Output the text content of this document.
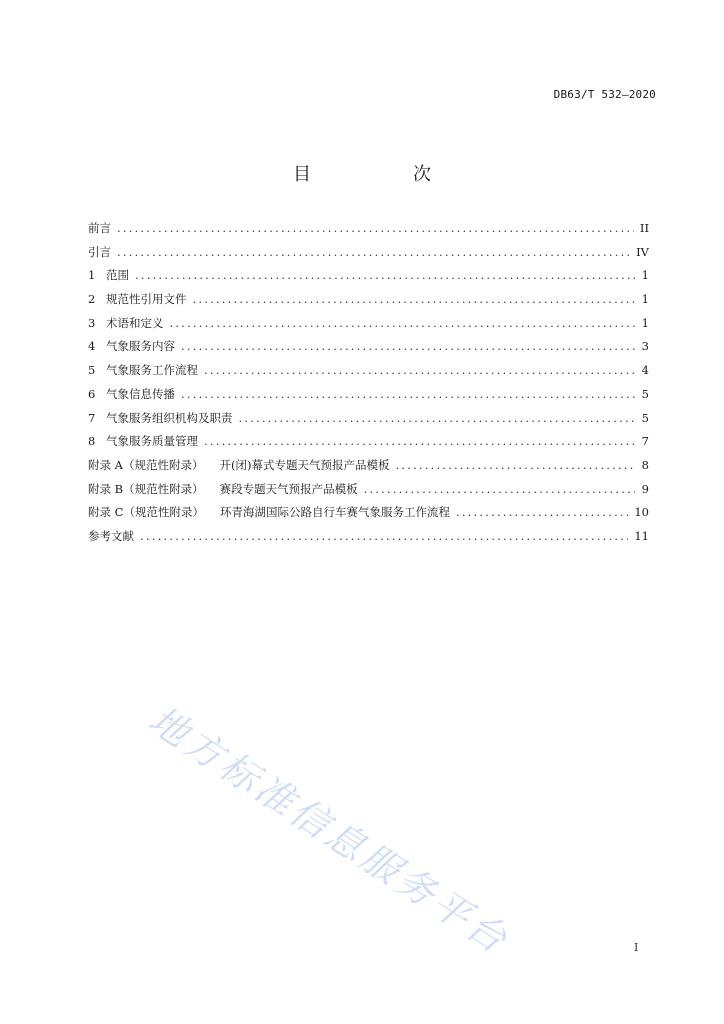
DB63/T 532—2020
目　次
前言 .....	II
引言 .....	IV
1 范围 .....	1
2 规范性引用文件 .....	1
3 术语和定义 .....	1
4 气象服务内容 .....	3
5 气象服务工作流程 .....	4
6 气象信息传播 .....	5
7 气象服务组织机构及职责 .....	5
8 气象服务质量管理 .....	7
附录 A（规范性附录） 开(闭)幕式专题天气预报产品模板 .....	8
附录 B（规范性附录） 赛段专题天气预报产品模板 .....	9
附录 C（规范性附录） 环青海湖国际公路自行车赛气象服务工作流程 .....	10
参考文献 .....	11
地方标准信息服务平台	I
